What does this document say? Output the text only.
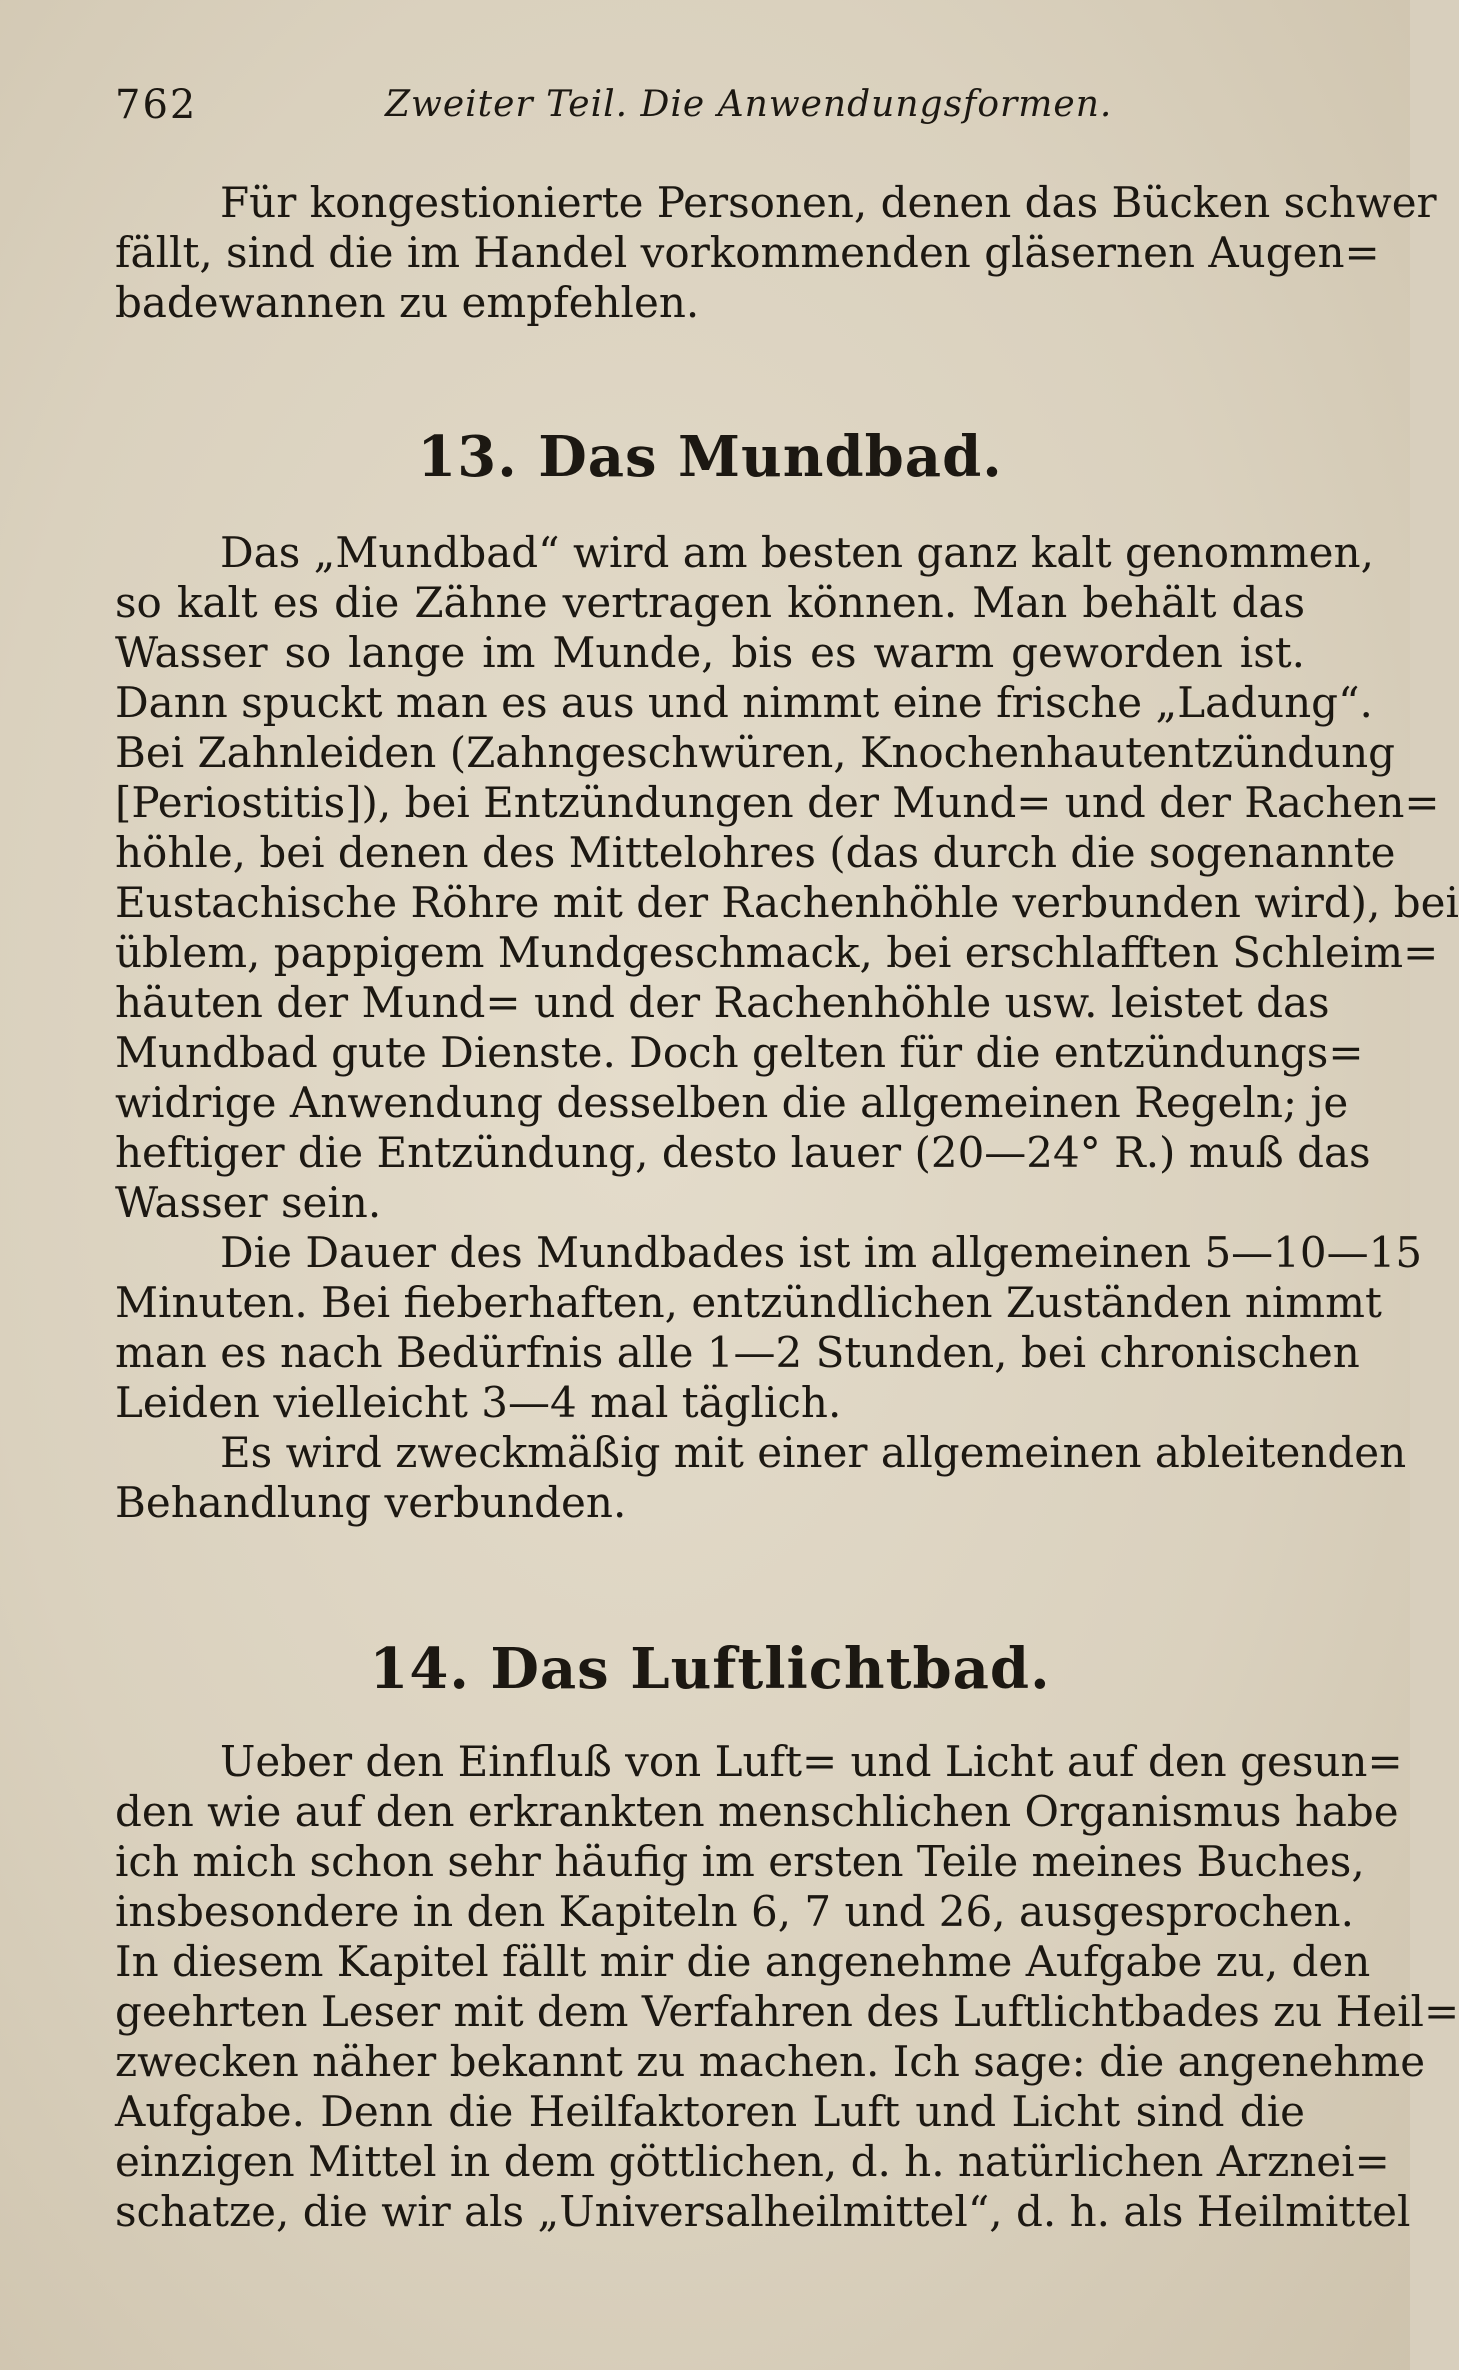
762	Zweiter Teil. Die Anwendungsformen.
Für kongestionierte Personen, denen das Bücken schwer
fällt, sind die im Handel vorkommenden gläsernen Augen=
badewannen zu empfehlen.
13. Das Mundbad.
Das „Mundbad“ wird am besten ganz kalt genommen,
so kalt es die Zähne vertragen können. Man behält das
Wasser so lange im Munde, bis es warm geworden ist.
Dann spuckt man es aus und nimmt eine frische „Ladung“.
Bei Zahnleiden (Zahngeschwüren, Knochenhautentzündung
[Periostitis]), bei Entzündungen der Mund= und der Rachen=
höhle, bei denen des Mittelohres (das durch die sogenannte
Eustachische Röhre mit der Rachenhöhle verbunden wird), bei
üblem, pappigem Mundgeschmack, bei erschlafften Schleim=
häuten der Mund= und der Rachenhöhle usw. leistet das
Mundbad gute Dienste. Doch gelten für die entzündungs=
widrige Anwendung desselben die allgemeinen Regeln; je
heftiger die Entzündung, desto lauer (20—24° R.) muß das
Wasser sein.
Die Dauer des Mundbades ist im allgemeinen 5—10—15
Minuten. Bei fieberhaften, entzündlichen Zuständen nimmt
man es nach Bedürfnis alle 1—2 Stunden, bei chronischen
Leiden vielleicht 3—4 mal täglich.
Es wird zweckmäßig mit einer allgemeinen ableitenden
Behandlung verbunden.
14. Das Luftlichtbad.
Ueber den Einfluß von Luft= und Licht auf den gesun=
den wie auf den erkrankten menschlichen Organismus habe
ich mich schon sehr häufig im ersten Teile meines Buches,
insbesondere in den Kapiteln 6, 7 und 26, ausgesprochen.
In diesem Kapitel fällt mir die angenehme Aufgabe zu, den
geehrten Leser mit dem Verfahren des Luftlichtbades zu Heil=
zwecken näher bekannt zu machen. Ich sage: die angenehme
Aufgabe. Denn die Heilfaktoren Luft und Licht sind die
einzigen Mittel in dem göttlichen, d. h. natürlichen Arznei=
schatze, die wir als „Universalheilmittel“, d. h. als Heilmittel
